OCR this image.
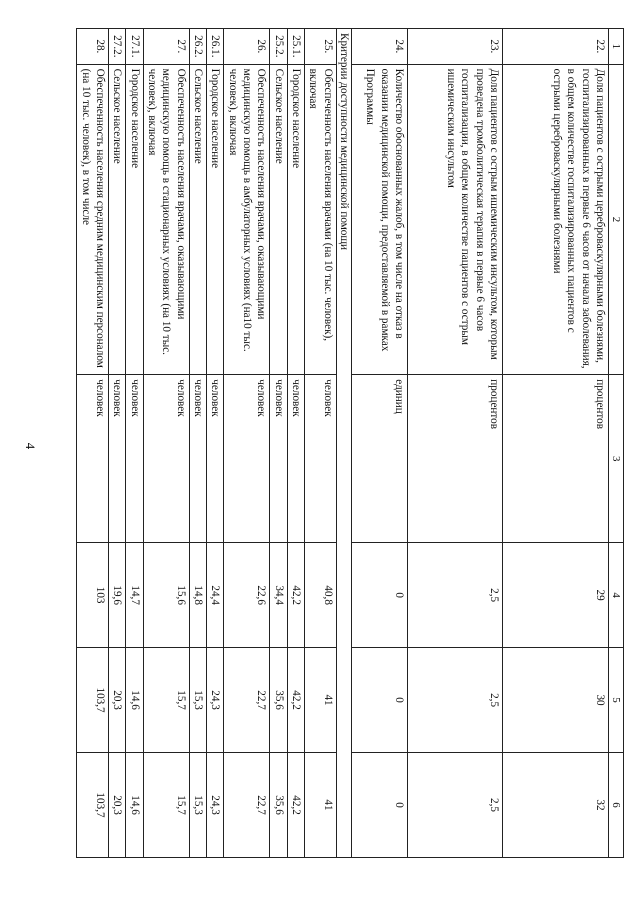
4
1	2	3	4	5	6
22.	Доля пациентов с острыми цереброваскулярными болезнями, госпитализированных в первые 6 часов от начала заболевания, в общем количестве госпитализированных пациентов с острыми цереброваскулярными болезнями	процентов	29	30	32
23.	Доля пациентов с острым ишемическим инсультом, которым проведена тромболитическая терапия в первые 6 часов госпитализации, в общем количестве пациентов с острым ишемическим инсультом	процентов	2,5	2,5	2,5
24.	Количество обоснованных жалоб, в том числе на отказ в оказании медицинской помощи, предоставляемой в рамках Программы	единиц	0	0	0
Критерии доступности медицинской помощи					
25.	Обеспеченность населения врачами (на 10 тыс. человек), включая	человек	40,8	41	41
25.1.	Городское население	человек	42,2	42,2	42,2
25.2.	Сельское население	человек	34,4	35,6	35,6
26.	Обеспеченность населения врачами, оказывающими медицинскую помощь в амбулаторных условиях (на10 тыс. человек), включая	человек	22,6	22,7	22,7
26.1.	Городское население	человек	24,4	24,3	24,3
26.2.	Сельское население	человек	14,8	15,3	15,3
27.	Обеспеченность населения врачами, оказывающими медицинскую помощь в стационарных условиях (на 10 тыс. человек), включая	человек	15,6	15,7	15,7
27.1.	Городское население	человек	14,7	14,6	14,6
27.2.	Сельское население	человек	19,6	20,3	20,3
28.	Обеспеченность населения средним медицинским персоналом (на 10 тыс. человек), в том числе	человек	103	103,7	103,7
